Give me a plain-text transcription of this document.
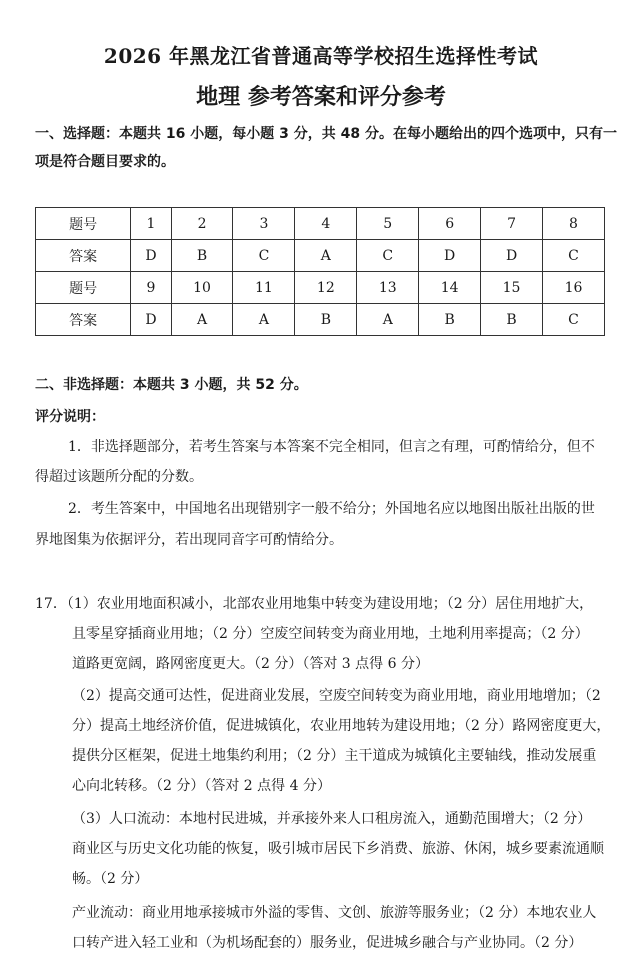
2026 年黑龙江省普通高等学校招生选择性考试
地理 参考答案和评分参考
一、选择题：本题共 16 小题，每小题 3 分，共 48 分。在每小题给出的四个选项中，只有一
项是符合题目要求的。
题号	1	2	3	4	5	6	7	8
答案	D	B	C	A	C	D	D	C
题号	9	10	11	12	13	14	15	16
答案	D	A	A	B	A	B	B	C
二、非选择题：本题共 3 小题，共 52 分。
评分说明：
1．非选择题部分，若考生答案与本答案不完全相同，但言之有理，可酌情给分，但不
得超过该题所分配的分数。
2．考生答案中，中国地名出现错别字一般不给分；外国地名应以地图出版社出版的世
界地图集为依据评分，若出现同音字可酌情给分。
17．（1）农业用地面积减小，北部农业用地集中转变为建设用地；（2 分）居住用地扩大，
且零星穿插商业用地；（2 分）空废空间转变为商业用地，土地利用率提高；（2 分）
道路更宽阔，路网密度更大。（2 分）（答对 3 点得 6 分）
（2）提高交通可达性，促进商业发展，空废空间转变为商业用地，商业用地增加；（2
分）提高土地经济价值，促进城镇化，农业用地转为建设用地；（2 分）路网密度更大，
提供分区框架，促进土地集约利用；（2 分）主干道成为城镇化主要轴线，推动发展重
心向北转移。（2 分）（答对 2 点得 4 分）
（3）人口流动：本地村民进城，并承接外来人口租房流入，通勤范围增大；（2 分）
商业区与历史文化功能的恢复，吸引城市居民下乡消费、旅游、休闲，城乡要素流通顺
畅。（2 分）
产业流动：商业用地承接城市外溢的零售、文创、旅游等服务业；（2 分）本地农业人
口转产进入轻工业和（为机场配套的）服务业，促进城乡融合与产业协同。（2 分）
